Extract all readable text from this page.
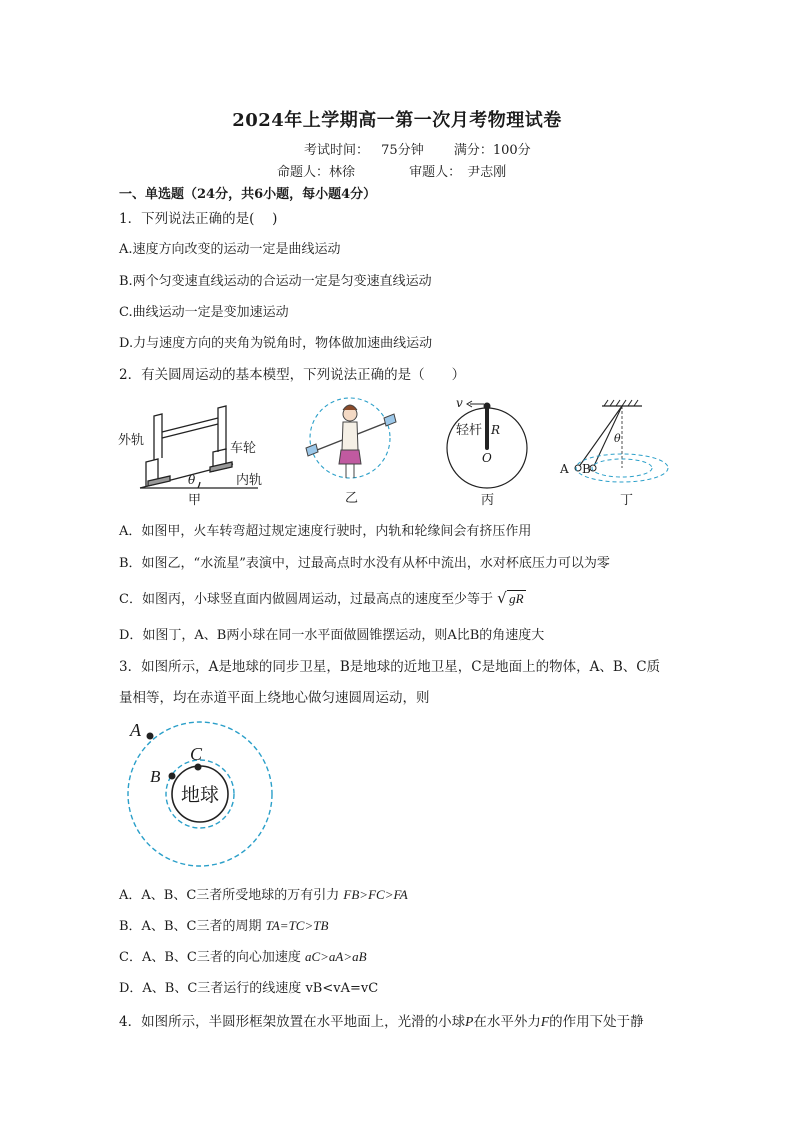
2024年上学期高一第一次月考物理试卷
考试时间： 75分钟 满分：100分
命题人：林徐	审题人： 尹志刚
一、单选题（24分，共6小题，每小题4分）
1．下列说法正确的是(　 )
A.速度方向改变的运动一定是曲线运动
B.两个匀变速直线运动的合运动一定是匀变速直线运动
C.曲线运动一定是变加速运动
D.力与速度方向的夹角为锐角时，物体做加速曲线运动
2．有关圆周运动的基本模型，下列说法正确的是（　　）
外轨
车轮
内轨
θ
甲	乙
v
轻杆 R
O
丙
θ
A B
丁
A．如图甲，火车转弯超过规定速度行驶时，内轨和轮缘间会有挤压作用
B．如图乙，“水流星”表演中，过最高点时水没有从杯中流出，水对杯底压力可以为零
C．如图丙，小球竖直面内做圆周运动，过最高点的速度至少等于 √ gR
D．如图丁，A、B两小球在同一水平面做圆锥摆运动，则A比B的角速度大
3．如图所示，A是地球的同步卫星，B是地球的近地卫星，C是地面上的物体，A、B、C质
量相等，均在赤道平面上绕地心做匀速圆周运动，则
A
B
C
地球
A．A、B、C三者所受地球的万有引力 FB>FC>FA
B．A、B、C三者的周期 TA=TC>TB
C．A、B、C三者的向心加速度 aC>aA>aB
D．A、B、C三者运行的线速度 vB<vA=vC
4．如图所示，半圆形框架放置在水平地面上，光滑的小球P在水平外力F的作用下处于静
